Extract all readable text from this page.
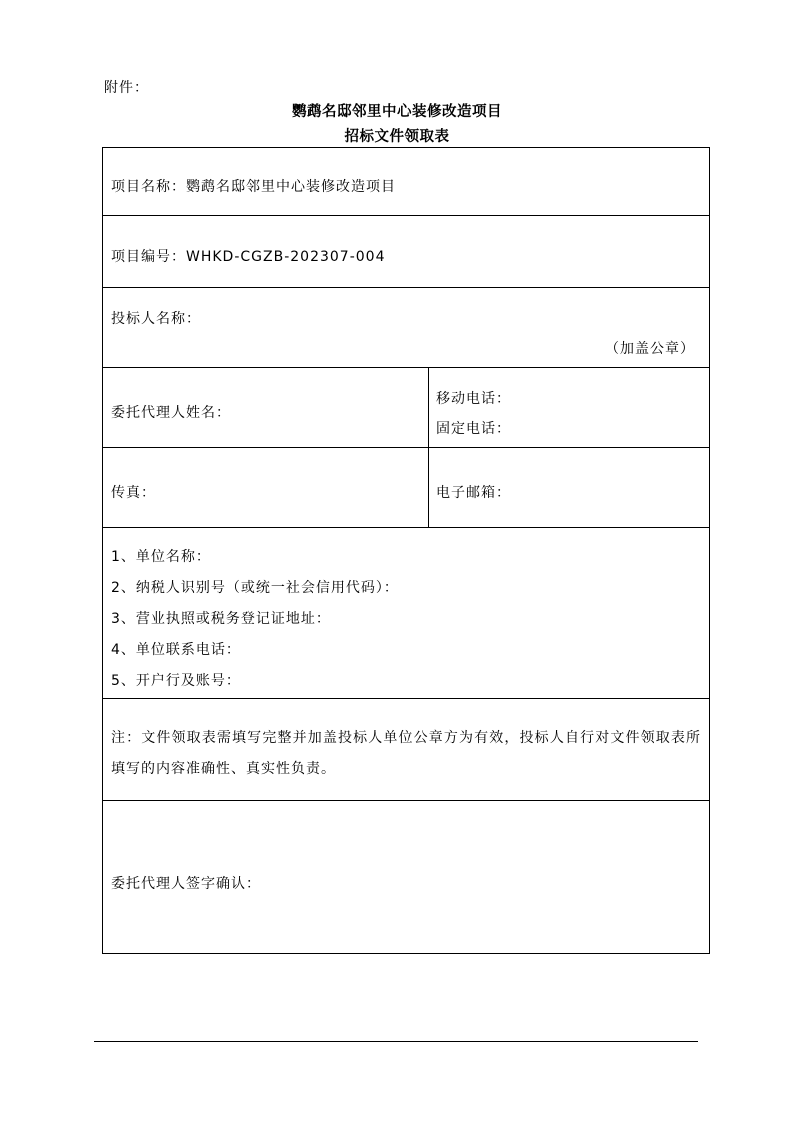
附件：
鹦鹉名邸邻里中心装修改造项目
招标文件领取表
项目名称：鹦鹉名邸邻里中心装修改造项目
项目编号：WHKD-CGZB-202307-004
投标人名称：
（加盖公章）
委托代理人姓名：
移动电话：
固定电话：
传真：	电子邮箱：
1、单位名称：
2、纳税人识别号（或统一社会信用代码）：
3、营业执照或税务登记证地址：
4、单位联系电话：
5、开户行及账号：
注：文件领取表需填写完整并加盖投标人单位公章方为有效，投标人自行对文件领取表所填写的内容准确性、真实性负责。
委托代理人签字确认：
